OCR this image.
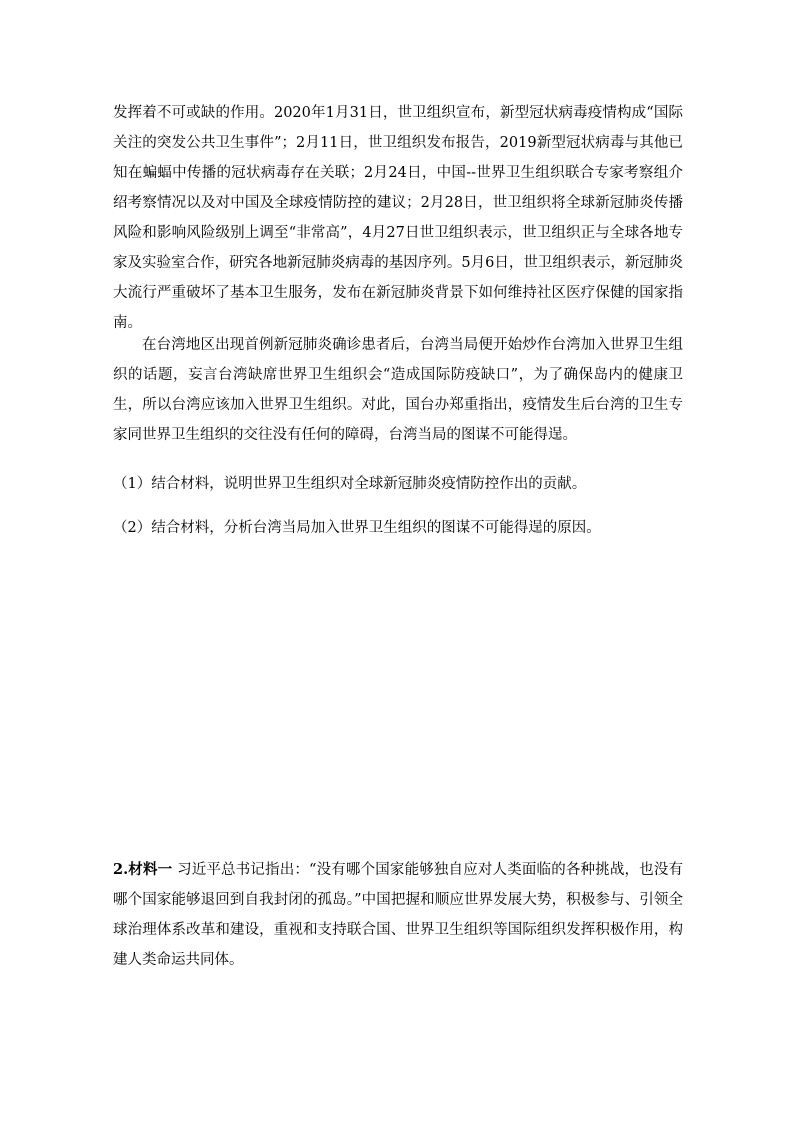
发挥着不可或缺的作用。2020年1月31日，世卫组织宣布，新型冠状病毒疫情构成“国际关注的突发公共卫生事件”；2月11日，世卫组织发布报告，2019新型冠状病毒与其他已知在蝙蝠中传播的冠状病毒存在关联；2月24日，中国--世界卫生组织联合专家考察组介绍考察情况以及对中国及全球疫情防控的建议；2月28日，世卫组织将全球新冠肺炎传播风险和影响风险级别上调至“非常高”，4月27日世卫组织表示，世卫组织正与全球各地专家及实验室合作，研究各地新冠肺炎病毒的基因序列。5月6日，世卫组织表示，新冠肺炎大流行严重破坏了基本卫生服务，发布在新冠肺炎背景下如何维持社区医疗保健的国家指南。
在台湾地区出现首例新冠肺炎确诊患者后，台湾当局便开始炒作台湾加入世界卫生组织的话题，妄言台湾缺席世界卫生组织会“造成国际防疫缺口”，为了确保岛内的健康卫生，所以台湾应该加入世界卫生组织。对此，国台办郑重指出，疫情发生后台湾的卫生专家同世界卫生组织的交往没有任何的障碍，台湾当局的图谋不可能得逞。
（1）结合材料，说明世界卫生组织对全球新冠肺炎疫情防控作出的贡献。
（2）结合材料，分析台湾当局加入世界卫生组织的图谋不可能得逞的原因。
2.材料一 习近平总书记指出：“没有哪个国家能够独自应对人类面临的各种挑战，也没有哪个国家能够退回到自我封闭的孤岛。”中国把握和顺应世界发展大势，积极参与、引领全球治理体系改革和建设，重视和支持联合国、世界卫生组织等国际组织发挥积极作用，构建人类命运共同体。
